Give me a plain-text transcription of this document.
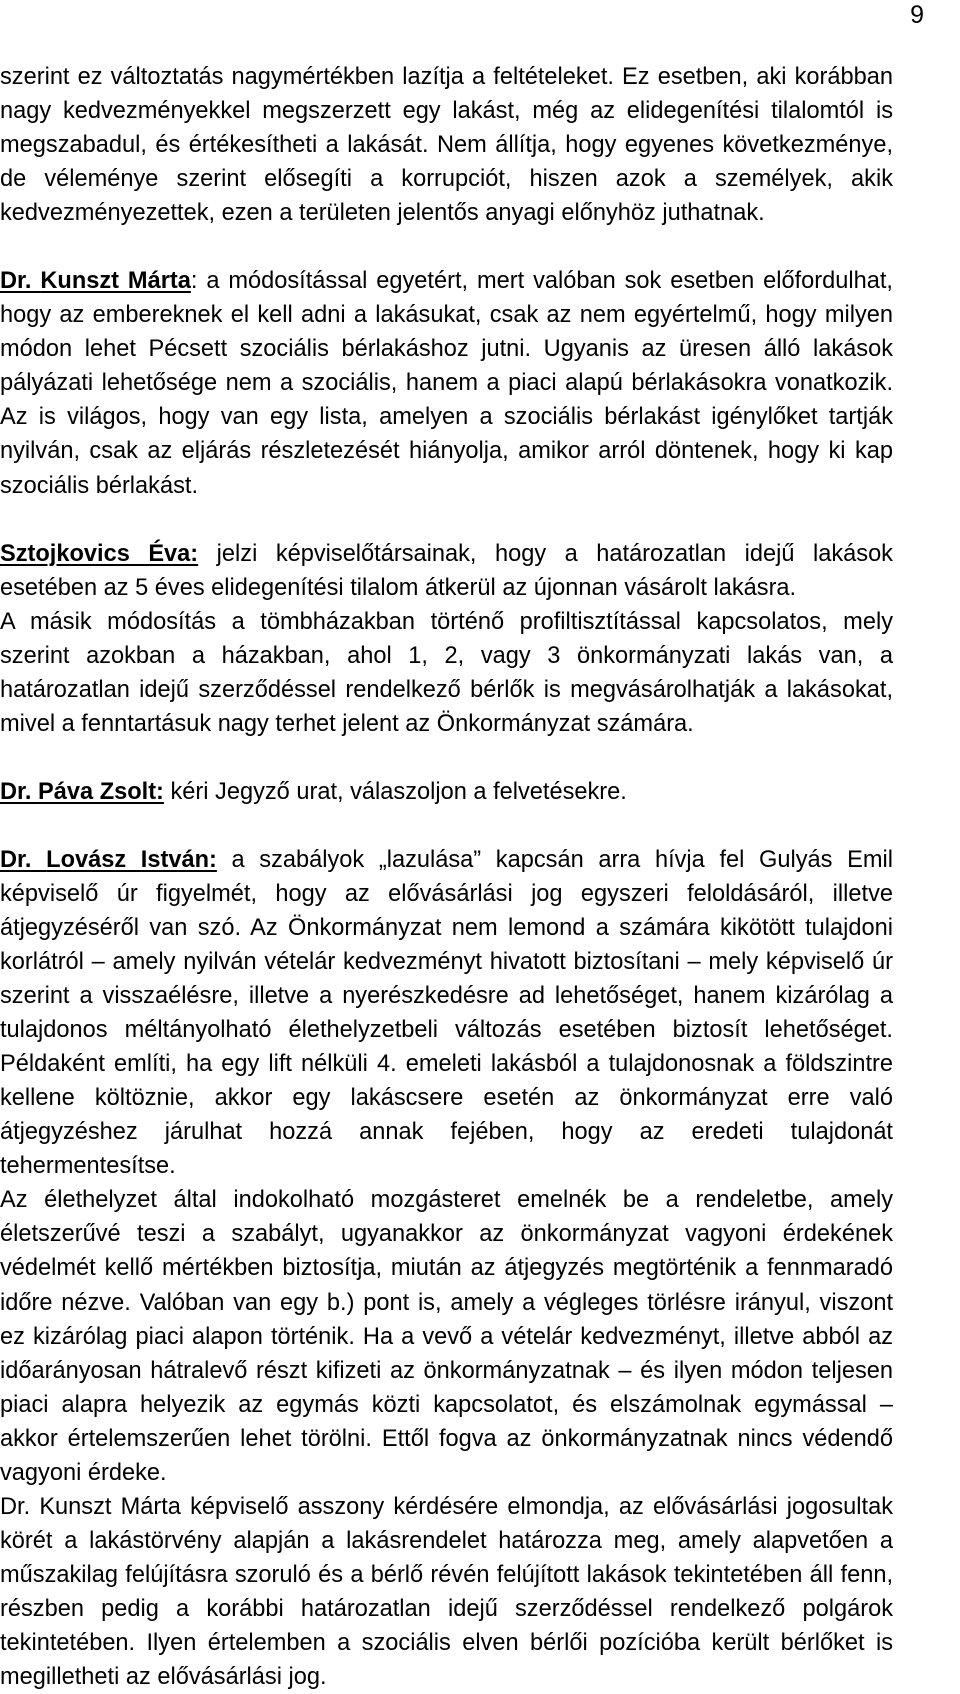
9

szerint ez változtatás nagymértékben lazítja a feltételeket. Ez esetben, aki korábban nagy kedvezményekkel megszerzett egy lakást, még az elidegenítési tilalomtól is megszabadul, és értékesítheti a lakását. Nem állítja, hogy egyenes következménye, de véleménye szerint elősegíti a korrupciót, hiszen azok a személyek, akik kedvezményezettek, ezen a területen jelentős anyagi előnyhöz juthatnak.

Dr. Kunszt Márta: a módosítással egyetért, mert valóban sok esetben előfordulhat, hogy az embereknek el kell adni a lakásukat, csak az nem egyértelmű, hogy milyen módon lehet Pécsett szociális bérlakáshoz jutni. Ugyanis az üresen álló lakások pályázati lehetősége nem a szociális, hanem a piaci alapú bérlakásokra vonatkozik. Az is világos, hogy van egy lista, amelyen a szociális bérlakást igénylőket tartják nyilván, csak az eljárás részletezését hiányolja, amikor arról döntenek, hogy ki kap szociális bérlakást.

Sztojkovics Éva: jelzi képviselőtársainak, hogy a határozatlan idejű lakások esetében az 5 éves elidegenítési tilalom átkerül az újonnan vásárolt lakásra.

A másik módosítás a tömbházakban történő profiltisztítással kapcsolatos, mely szerint azokban a házakban, ahol 1, 2, vagy 3 önkormányzati lakás van, a határozatlan idejű szerződéssel rendelkező bérlők is megvásárolhatják a lakásokat, mivel a fenntartásuk nagy terhet jelent az Önkormányzat számára.

Dr. Páva Zsolt: kéri Jegyző urat, válaszoljon a felvetésekre.

Dr. Lovász István: a szabályok „lazulása” kapcsán arra hívja fel Gulyás Emil képviselő úr figyelmét, hogy az elővásárlási jog egyszeri feloldásáról, illetve átjegyzéséről van szó. Az Önkormányzat nem lemond a számára kikötött tulajdoni korlátról – amely nyilván vételár kedvezményt hivatott biztosítani – mely képviselő úr szerint a visszaélésre, illetve a nyerészkedésre ad lehetőséget, hanem kizárólag a tulajdonos méltányolható élethelyzetbeli változás esetében biztosít lehetőséget. Példaként említi, ha egy lift nélküli 4. emeleti lakásból a tulajdonosnak a földszintre kellene költöznie, akkor egy lakáscsere esetén az önkormányzat erre való átjegyzéshez járulhat hozzá annak fejében, hogy az eredeti tulajdonát tehermentesítse.

Az élethelyzet által indokolható mozgásteret emelnék be a rendeletbe, amely életszerűvé teszi a szabályt, ugyanakkor az önkormányzat vagyoni érdekének védelmét kellő mértékben biztosítja, miután az átjegyzés megtörténik a fennmaradó időre nézve. Valóban van egy b.) pont is, amely a végleges törlésre irányul, viszont ez kizárólag piaci alapon történik. Ha a vevő a vételár kedvezményt, illetve abból az időarányosan hátralevő részt kifizeti az önkormányzatnak – és ilyen módon teljesen piaci alapra helyezik az egymás közti kapcsolatot, és elszámolnak egymással – akkor értelemszerűen lehet törölni. Ettől fogva az önkormányzatnak nincs védendő vagyoni érdeke.

Dr. Kunszt Márta képviselő asszony kérdésére elmondja, az elővásárlási jogosultak körét a lakástörvény alapján a lakásrendelet határozza meg, amely alapvetően a műszakilag felújításra szoruló és a bérlő révén felújított lakások tekintetében áll fenn, részben pedig a korábbi határozatlan idejű szerződéssel rendelkező polgárok tekintetében. Ilyen értelemben a szociális elven bérlői pozícióba került bérlőket is megilletheti az elővásárlási jog.
